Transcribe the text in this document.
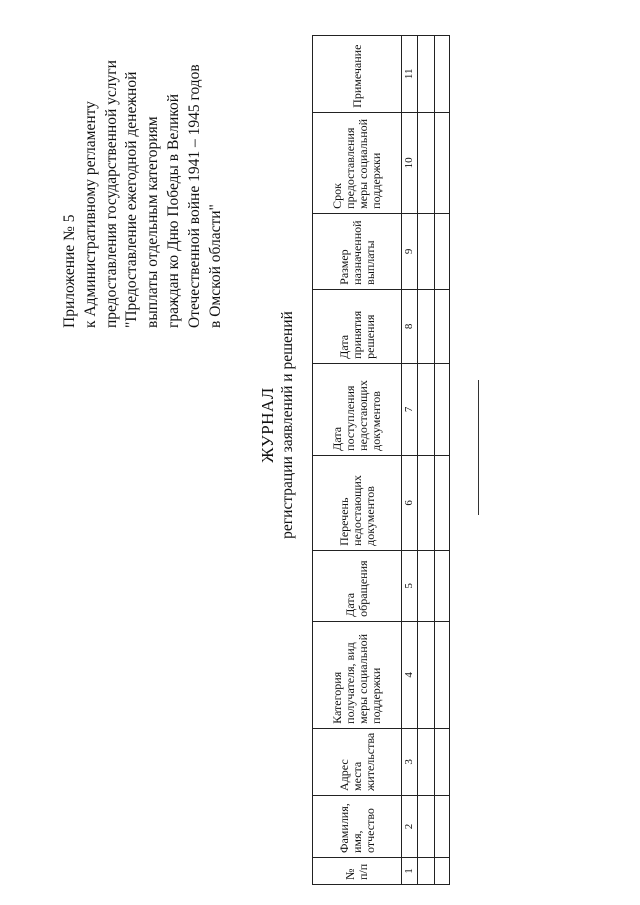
Приложение № 5 к Административному регламенту предоставления государственной услуги "Предоставление ежегодной денежной выплаты отдельным категориям граждан ко Дню Победы в Великой Отечественной войне 1941 – 1945 годов в Омской области"
ЖУРНАЛ регистрации заявлений и решений
№ п/п	Фамилия, имя, отчество	Адрес места жительства	Категория получателя, вид меры социальной поддержки	Дата обращения	Перечень недостающих документов	Дата поступления недостающих документов	Дата принятия решения	Размер назначенной выплаты	Срок предоставления меры социальной поддержки	Примечание
1	2	3	4	5	6	7	8	9	10	11
